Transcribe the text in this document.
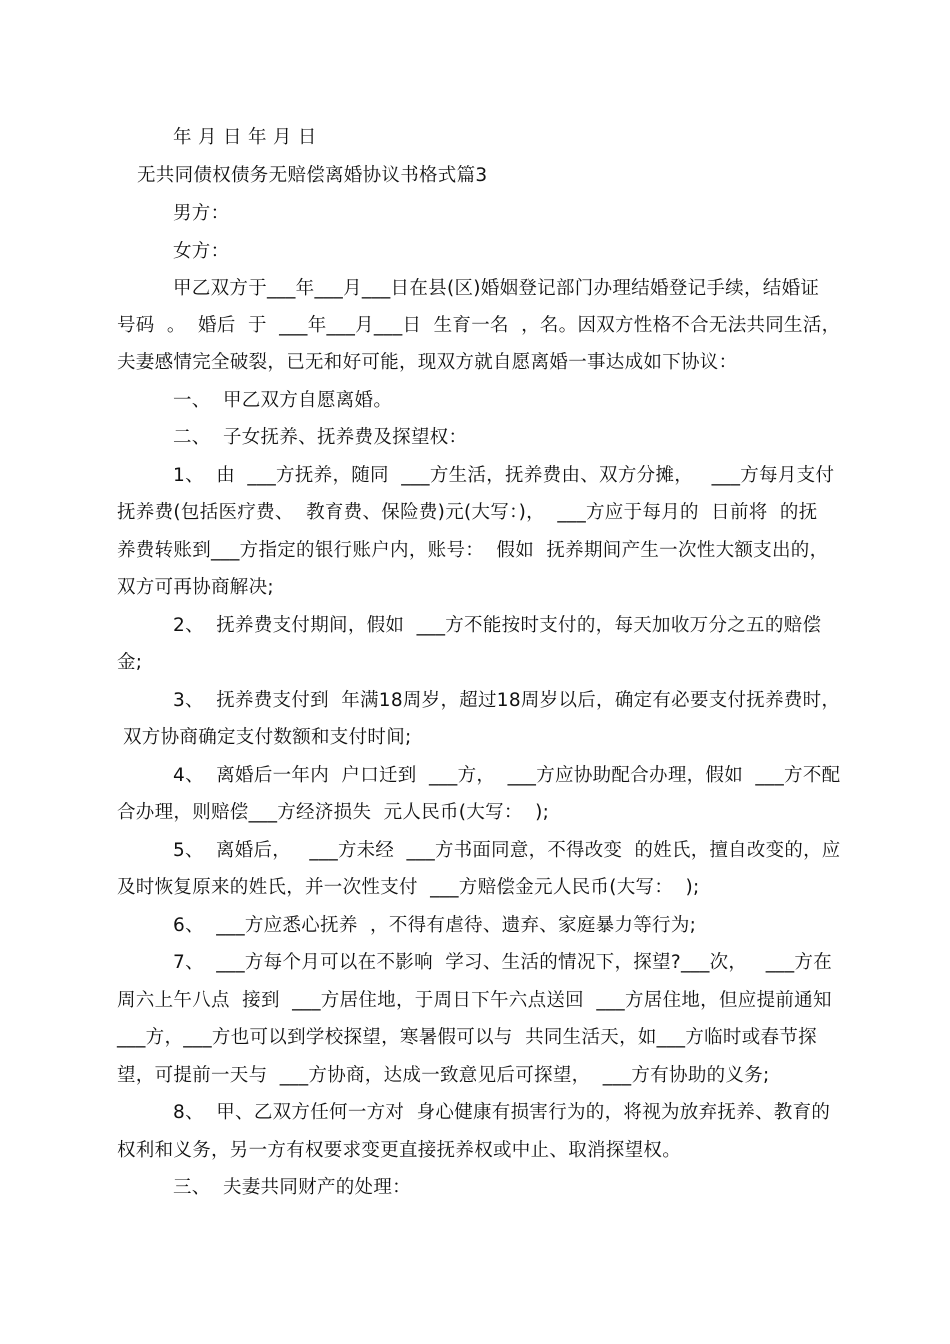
年 月 日 年 月 日
无共同债权债务无赔偿离婚协议书格式篇3
男方：
女方：
甲乙双方于___年___月___日在县(区)婚姻登记部门办理结婚登记手续，结婚证
号码  。  婚后  于  ___年___月___日  生育一名  ，名。因双方性格不合无法共同生活，
夫妻感情完全破裂，已无和好可能，现双方就自愿离婚一事达成如下协议：
一、  甲乙双方自愿离婚。
二、  子女抚养、抚养费及探望权：
1、  由  ___方抚养，随同  ___方生活，抚养费由、双方分摊，   ___方每月支付
抚养费(包括医疗费、  教育费、保险费)元(大写：)，  ___方应于每月的  日前将  的抚
养费转账到___方指定的银行账户内，账号：  假如  抚养期间产生一次性大额支出的，
双方可再协商解决;
2、  抚养费支付期间，假如  ___方不能按时支付的，每天加收万分之五的赔偿
金;
3、  抚养费支付到  年满18周岁，超过18周岁以后，确定有必要支付抚养费时，
双方协商确定支付数额和支付时间;
4、  离婚后一年内  户口迁到  ___方，  ___方应协助配合办理，假如  ___方不配
合办理，则赔偿___方经济损失  元人民币(大写：  );
5、  离婚后，   ___方未经  ___方书面同意，不得改变  的姓氏，擅自改变的，应
及时恢复原来的姓氏，并一次性支付  ___方赔偿金元人民币(大写：  );
6、  ___方应悉心抚养  ，不得有虐待、遗弃、家庭暴力等行为;
7、  ___方每个月可以在不影响  学习、生活的情况下，探望?___次，   ___方在
周六上午八点  接到  ___方居住地，于周日下午六点送回  ___方居住地，但应提前通知
___方，___方也可以到学校探望，寒暑假可以与  共同生活天，如___方临时或春节探
望，可提前一天与  ___方协商，达成一致意见后可探望，  ___方有协助的义务;
8、  甲、乙双方任何一方对  身心健康有损害行为的，将视为放弃抚养、教育的
权利和义务，另一方有权要求变更直接抚养权或中止、取消探望权。
三、  夫妻共同财产的处理：
